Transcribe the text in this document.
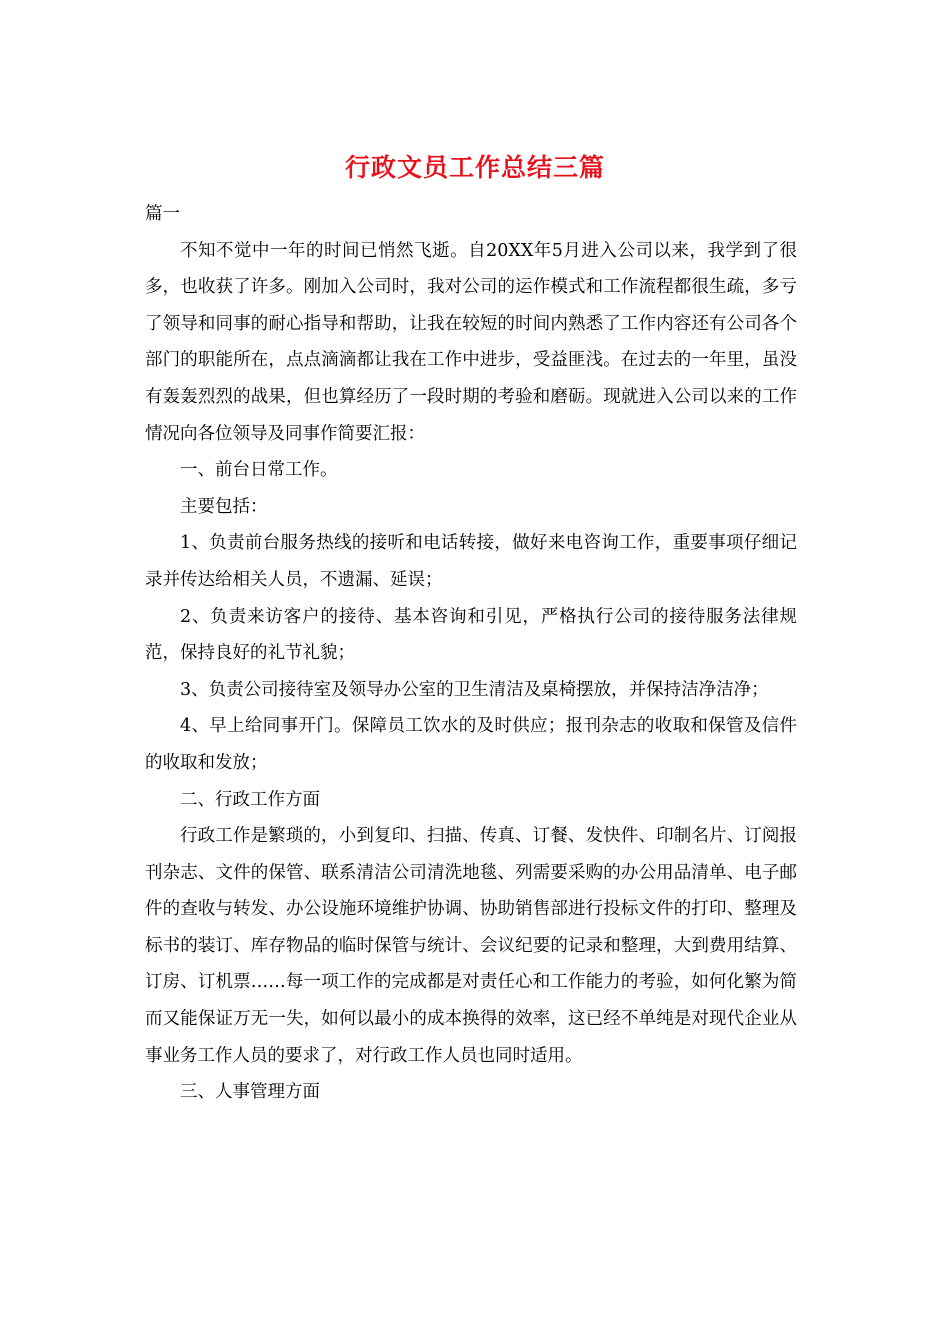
行政文员工作总结三篇

篇一

不知不觉中一年的时间已悄然飞逝。自20XX年5月进入公司以来，我学到了很多，也收获了许多。刚加入公司时，我对公司的运作模式和工作流程都很生疏，多亏了领导和同事的耐心指导和帮助，让我在较短的时间内熟悉了工作内容还有公司各个部门的职能所在，点点滴滴都让我在工作中进步，受益匪浅。在过去的一年里，虽没有轰轰烈烈的战果，但也算经历了一段时期的考验和磨砺。现就进入公司以来的工作情况向各位领导及同事作简要汇报：

一、前台日常工作。

主要包括：

1、负责前台服务热线的接听和电话转接，做好来电咨询工作，重要事项仔细记录并传达给相关人员，不遗漏、延误；

2、负责来访客户的接待、基本咨询和引见，严格执行公司的接待服务法律规范，保持良好的礼节礼貌；

3、负责公司接待室及领导办公室的卫生清洁及桌椅摆放，并保持洁净洁净；

4、早上给同事开门。保障员工饮水的及时供应；报刊杂志的收取和保管及信件的收取和发放；

二、行政工作方面

行政工作是繁琐的，小到复印、扫描、传真、订餐、发快件、印制名片、订阅报刊杂志、文件的保管、联系清洁公司清洗地毯、列需要采购的办公用品清单、电子邮件的查收与转发、办公设施环境维护协调、协助销售部进行投标文件的打印、整理及标书的装订、库存物品的临时保管与统计、会议纪要的记录和整理，大到费用结算、订房、订机票……每一项工作的完成都是对责任心和工作能力的考验，如何化繁为简而又能保证万无一失，如何以最小的成本换得的效率，这已经不单纯是对现代企业从事业务工作人员的要求了，对行政工作人员也同时适用。

三、人事管理方面
